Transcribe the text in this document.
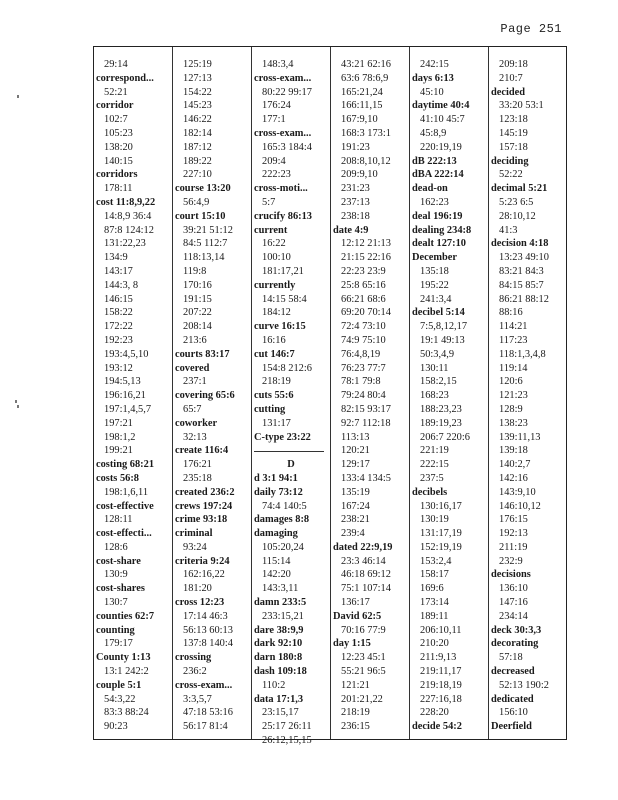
Page 251
29:14
correspond...
52:21
corridor
102:7
105:23
138:20
140:15
corridors
178:11
cost 11:8,9,22
14:8,9 36:4
87:8 124:12
131:22,23
134:9
143:17
144:3, 8
146:15
158:22
172:22
192:23
193:4,5,10
193:12
194:5,13
196:16,21
197:1,4,5,7
197:21
198:1,2
199:21
costing 68:21
costs 56:8
198:1,6,11
cost-effective
128:11
cost-effecti...
128:6
cost-share
130:9
cost-shares
130:7
counties 62:7
counting
179:17
County 1:13
13:1 242:2
couple 5:1
54:3,22
83:3 88:24
90:23
125:19
127:13
154:22
145:23
146:22
182:14
187:12
189:22
227:10
course 13:20
56:4,9
court 15:10
39:21 51:12
84:5 112:7
118:13,14
119:8
170:16
191:15
207:22
208:14
213:6
courts 83:17
covered
237:1
covering 65:6
65:7
coworker
32:13
create 116:4
176:21
235:18
created 236:2
crews 197:24
crime 93:18
criminal
93:24
criteria 9:24
162:16,22
181:20
cross 12:23
17:14 46:3
56:13 60:13
137:8 140:4
crossing
236:2
cross-exam...
3:3,5,7
47:18 53:16
56:17 81:4
148:3,4
cross-exam...
80:22 99:17
176:24
177:1
cross-exam...
165:3 184:4
209:4
222:23
cross-moti...
5:7
crucify 86:13
current
16:22
100:10
181:17,21
currently
14:15 58:4
184:12
curve 16:15
16:16
cut 146:7
154:8 212:6
218:19
cuts 55:6
cutting
131:17
C-type 23:22
D
d 3:1 94:1
daily 73:12
74:4 140:5
damages 8:8
damaging
105:20,24
115:14
142:20
143:3,11
damn 233:5
233:15,21
dare 38:9,9
dark 92:10
darn 180:8
dash 109:18
110:2
data 17:1,3
23:15,17
25:17 26:11
26:12,15,15
43:21 62:16
63:6 78:6,9
165:21,24
166:11,15
167:9,10
168:3 173:1
191:23
208:8,10,12
209:9,10
231:23
237:13
238:18
date 4:9
12:12 21:13
21:15 22:16
22:23 23:9
25:8 65:16
66:21 68:6
69:20 70:14
72:4 73:10
74:9 75:10
76:4,8,19
76:23 77:7
78:1 79:8
79:24 80:4
82:15 93:17
92:7 112:18
113:13
120:21
129:17
133:4 134:5
135:19
167:24
238:21
239:4
dated 22:9,19
23:3 46:14
46:18 69:12
75:1 107:14
136:17
David 62:5
70:16 77:9
day 1:15
12:23 45:1
55:21 96:5
121:21
201:21,22
218:19
236:15
242:15
days 6:13
45:10
daytime 40:4
41:10 45:7
45:8,9
220:19,19
dB 222:13
dBA 222:14
dead-on
162:23
deal 196:19
dealing 234:8
dealt 127:10
December
135:18
195:22
241:3,4
decibel 5:14
7:5,8,12,17
19:1 49:13
50:3,4,9
130:11
158:2,15
168:23
188:23,23
189:19,23
206:7 220:6
221:19
222:15
237:5
decibels
130:16,17
130:19
131:17,19
152:19,19
153:2,4
158:17
169:6
173:14
189:11
206:10,11
210:20
211:9,13
219:11,17
219:18,19
227:16,18
228:20
decide 54:2
209:18
210:7
decided
33:20 53:1
123:18
145:19
157:18
deciding
52:22
decimal 5:21
5:23 6:5
28:10,12
41:3
decision 4:18
13:23 49:10
83:21 84:3
84:15 85:7
86:21 88:12
88:16
114:21
117:23
118:1,3,4,8
119:14
120:6
121:23
128:9
138:23
139:11,13
139:18
140:2,7
142:16
143:9,10
146:10,12
176:15
192:13
211:19
232:9
decisions
136:10
147:16
234:14
deck 30:3,3
decorating
57:18
decreased
52:13 190:2
dedicated
156:10
Deerfield
